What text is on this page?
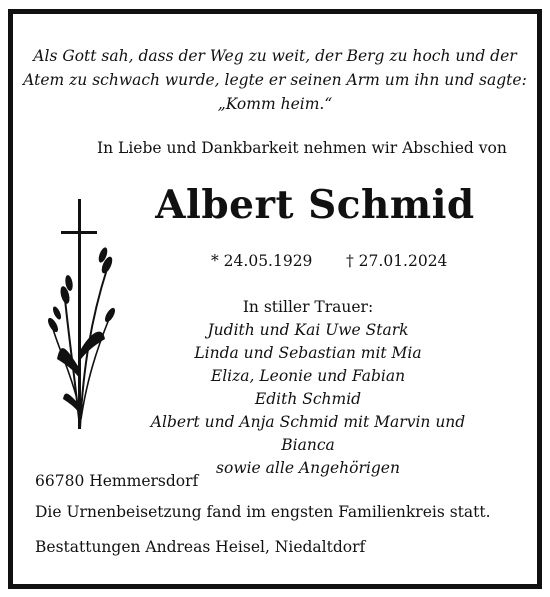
Als Gott sah, dass der Weg zu weit, der Berg zu hoch und der
Atem zu schwach wurde, legte er seinen Arm um ihn und sagte:
„Komm heim.“
In Liebe und Dankbarkeit nehmen wir Abschied von
Albert Schmid
* 24.05.1929 † 27.01.2024
In stiller Trauer:
Judith und Kai Uwe Stark
Linda und Sebastian mit Mia
Eliza, Leonie und Fabian
Edith Schmid
Albert und Anja Schmid mit Marvin und Bianca
sowie alle Angehörigen
66780 Hemmersdorf
Die Urnenbeisetzung fand im engsten Familienkreis statt.
Bestattungen Andreas Heisel, Niedaltdorf
